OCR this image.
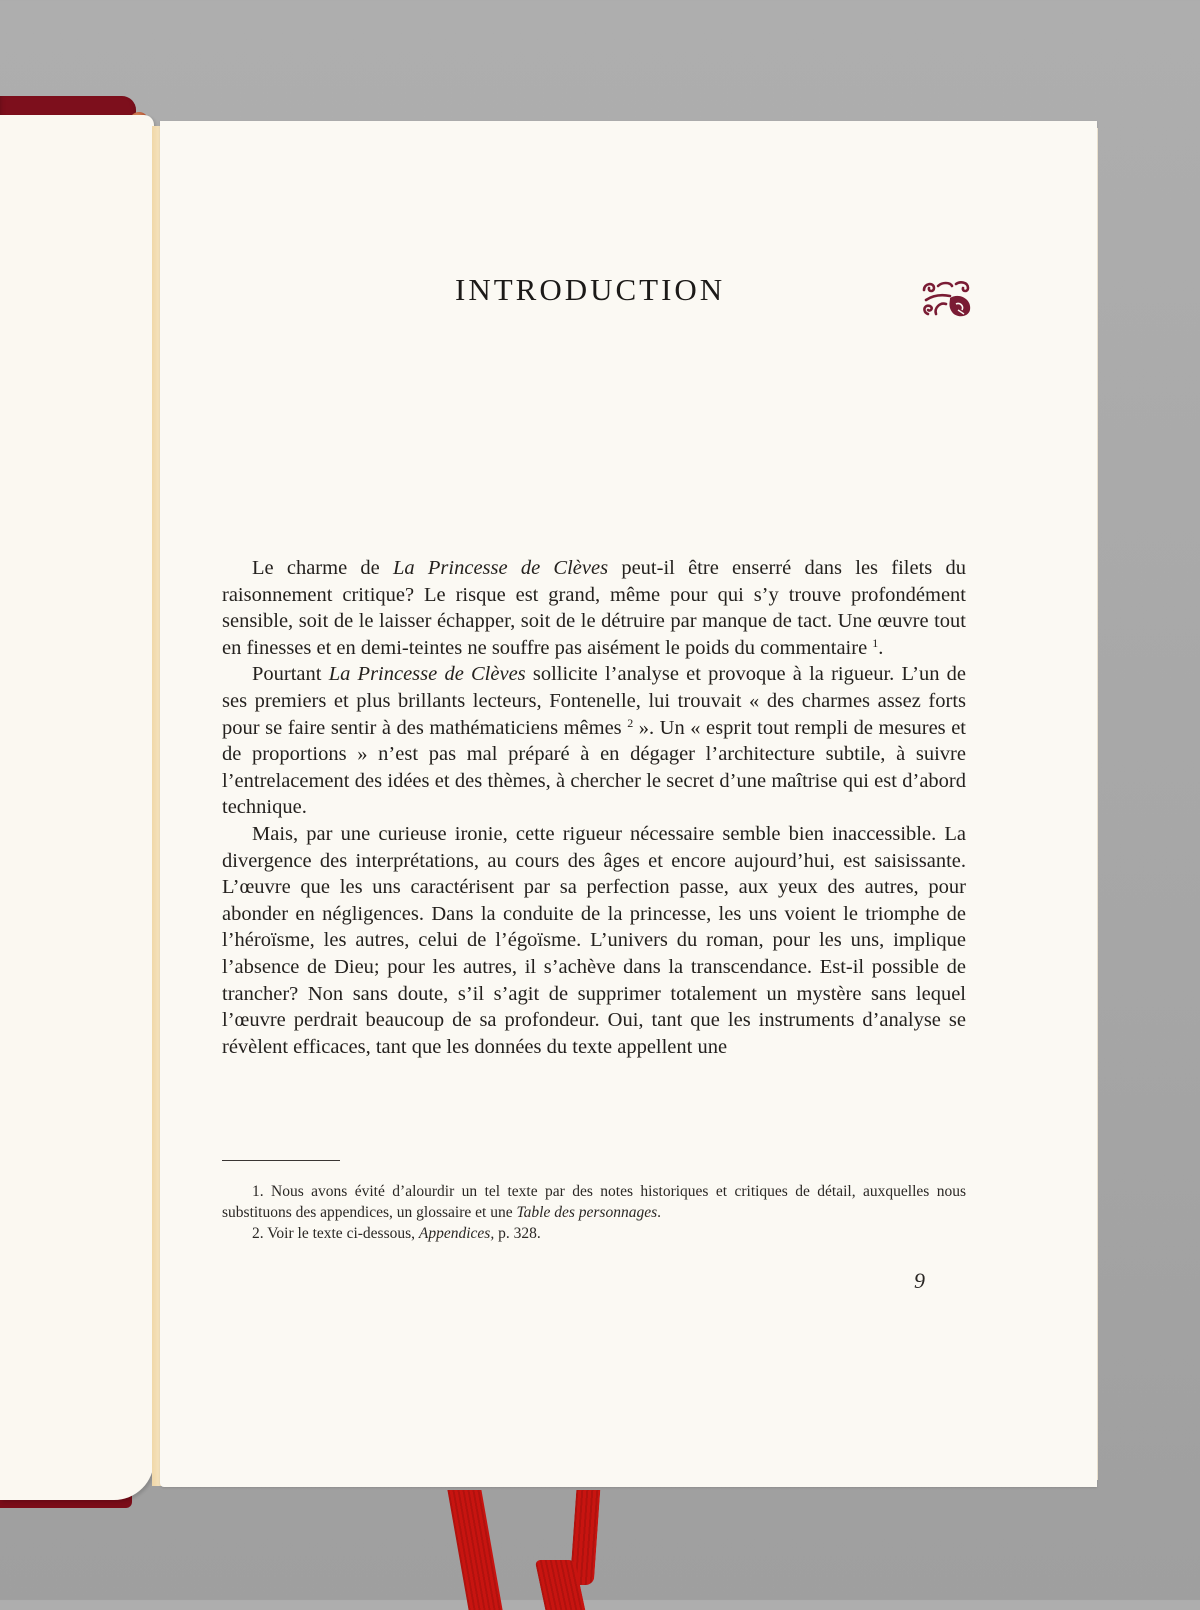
INTRODUCTION

Le charme de La Princesse de Clèves peut-il être enserré dans les filets du raisonnement critique? Le risque est grand, même pour qui s’y trouve profondément sensible, soit de le laisser échapper, soit de le détruire par manque de tact. Une œuvre tout en finesses et en demi-teintes ne souffre pas aisément le poids du commentaire $^1$.

Pourtant La Princesse de Clèves sollicite l’analyse et provoque à la rigueur. L’un de ses premiers et plus brillants lecteurs, Fontenelle, lui trouvait « des charmes assez forts pour se faire sentir à des mathématiciens mêmes $^2$ ». Un « esprit tout rempli de mesures et de proportions » n’est pas mal préparé à en dégager l’architecture subtile, à suivre l’entrelacement des idées et des thèmes, à chercher le secret d’une maîtrise qui est d’abord technique.

Mais, par une curieuse ironie, cette rigueur nécessaire semble bien inaccessible. La divergence des interprétations, au cours des âges et encore aujourd’hui, est saisissante. L’œuvre que les uns caractérisent par sa perfection passe, aux yeux des autres, pour abonder en négligences. Dans la conduite de la princesse, les uns voient le triomphe de l’héroïsme, les autres, celui de l’égoïsme. L’univers du roman, pour les uns, implique l’absence de Dieu; pour les autres, il s’achève dans la transcendance. Est-il possible de trancher? Non sans doute, s’il s’agit de supprimer totalement un mystère sans lequel l’œuvre perdrait beaucoup de sa profondeur. Oui, tant que les instruments d’analyse se révèlent efficaces, tant que les données du texte appellent une

1. Nous avons évité d’alourdir un tel texte par des notes historiques et critiques de détail, auxquelles nous substituons des appendices, un glossaire et une Table des personnages.

2. Voir le texte ci-dessous, Appendices, p. 328.

9
